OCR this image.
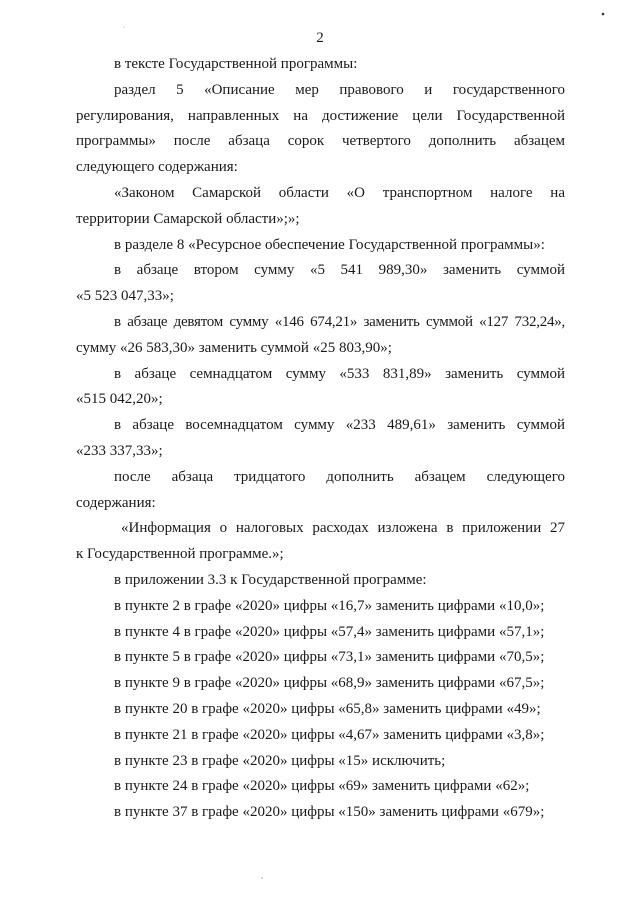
2

в тексте Государственной программы:

раздел 5 «Описание мер правового и государственного

регулирования, направленных на достижение цели Государственной

программы» после абзаца сорок четвертого дополнить абзацем

следующего содержания:

«Законом Самарской области «О транспортном налоге на

территории Самарской области»;»;

в разделе 8 «Ресурсное обеспечение Государственной программы»:

в абзаце втором сумму «5 541 989,30» заменить суммой

«5 523 047,33»;

в абзаце девятом сумму «146 674,21» заменить суммой «127 732,24»,

сумму «26 583,30» заменить суммой «25 803,90»;

в абзаце семнадцатом сумму «533 831,89» заменить суммой

«515 042,20»;

в абзаце восемнадцатом сумму «233 489,61» заменить суммой

«233 337,33»;

после абзаца тридцатого дополнить абзацем следующего

содержания:

«Информация о налоговых расходах изложена в приложении 27

к Государственной программе.»;

в приложении 3.3 к Государственной программе:

в пункте 2 в графе «2020» цифры «16,7» заменить цифрами «10,0»;

в пункте 4 в графе «2020» цифры «57,4» заменить цифрами «57,1»;

в пункте 5 в графе «2020» цифры «73,1» заменить цифрами «70,5»;

в пункте 9 в графе «2020» цифры «68,9» заменить цифрами «67,5»;

в пункте 20 в графе «2020» цифры «65,8» заменить цифрами «49»;

в пункте 21 в графе «2020» цифры «4,67» заменить цифрами «3,8»;

в пункте 23 в графе «2020» цифры «15» исключить;

в пункте 24 в графе «2020» цифры «69» заменить цифрами «62»;

в пункте 37 в графе «2020» цифры «150» заменить цифрами «679»;
